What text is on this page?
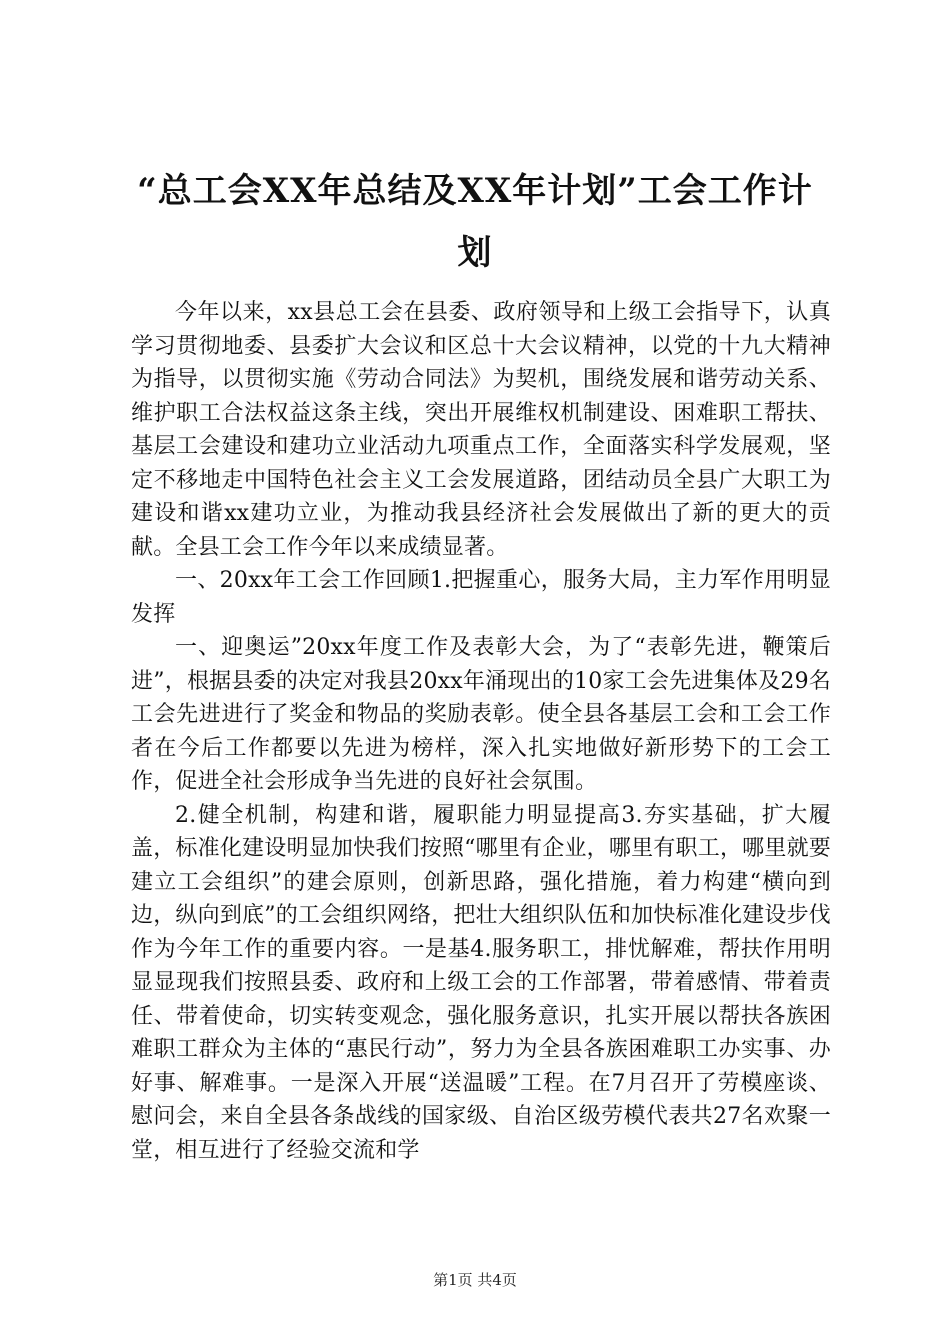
“总工会XX年总结及XX年计划”工会工作计划

今年以来，xx县总工会在县委、政府领导和上级工会指导下，认真学习贯彻地委、县委扩大会议和区总十大会议精神，以党的十九大精神为指导，以贯彻实施《劳动合同法》为契机，围绕发展和谐劳动关系、维护职工合法权益这条主线，突出开展维权机制建设、困难职工帮扶、基层工会建设和建功立业活动九项重点工作，全面落实科学发展观，坚定不移地走中国特色社会主义工会发展道路，团结动员全县广大职工为建设和谐xx建功立业，为推动我县经济社会发展做出了新的更大的贡献。全县工会工作今年以来成绩显著。

一、20xx年工会工作回顾1.把握重心，服务大局，主力军作用明显发挥

一、迎奥运”20xx年度工作及表彰大会，为了“表彰先进，鞭策后进”，根据县委的决定对我县20xx年涌现出的10家工会先进集体及29名工会先进进行了奖金和物品的奖励表彰。使全县各基层工会和工会工作者在今后工作都要以先进为榜样，深入扎实地做好新形势下的工会工作，促进全社会形成争当先进的良好社会氛围。

2.健全机制，构建和谐，履职能力明显提高3.夯实基础，扩大履盖，标准化建设明显加快我们按照“哪里有企业，哪里有职工，哪里就要建立工会组织”的建会原则，创新思路，强化措施，着力构建“横向到边，纵向到底”的工会组织网络，把壮大组织队伍和加快标准化建设步伐作为今年工作的重要内容。一是基4.服务职工，排忧解难，帮扶作用明显显现我们按照县委、政府和上级工会的工作部署，带着感情、带着责任、带着使命，切实转变观念，强化服务意识，扎实开展以帮扶各族困难职工群众为主体的“惠民行动”，努力为全县各族困难职工办实事、办好事、解难事。一是深入开展“送温暖”工程。在7月召开了劳模座谈、慰问会，来自全县各条战线的国家级、自治区级劳模代表共27名欢聚一堂，相互进行了经验交流和学

第1页 共4页
